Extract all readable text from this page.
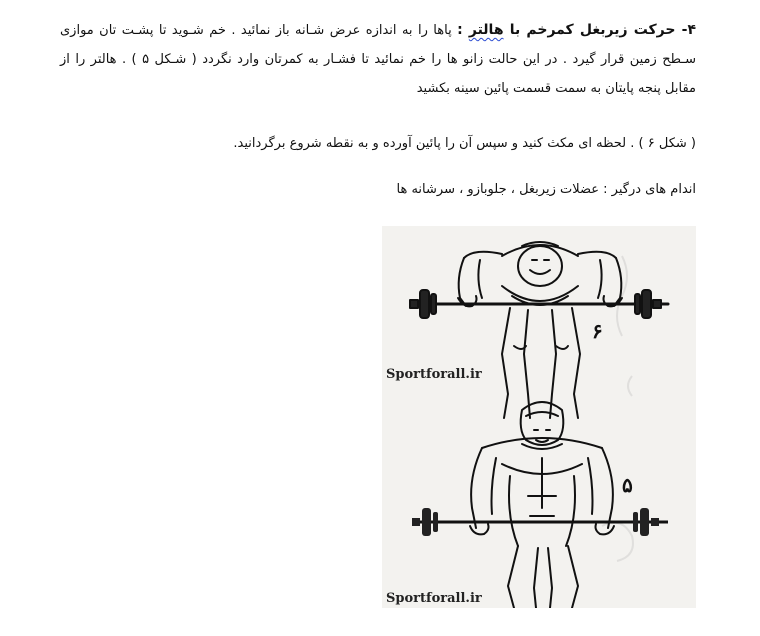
۴- حرکت زیربغل کمرخم با هالتر : پاها را به اندازه عرض شـانه باز نمائید . خم شـوید تا پشـت تان موازی سـطح زمین قرار گیرد . در این حالت زانو ها را خم نمائید تا فشـار به کمرتان وارد نگردد ( شـکل ۵ ) . هالتر را از مقابل پنجه پایتان به سمت قسمت پائین سینه بکشید
( شکل ۶ ) . لحظه ای مکث کنید و سپس آن را پائین آورده و به نقطه شروع برگردانید.
اندام های درگیر : عضلات زیربغل ، جلوبازو ، سرشانه ها
۶
Sportforall.ir
۵
Sportforall.ir
